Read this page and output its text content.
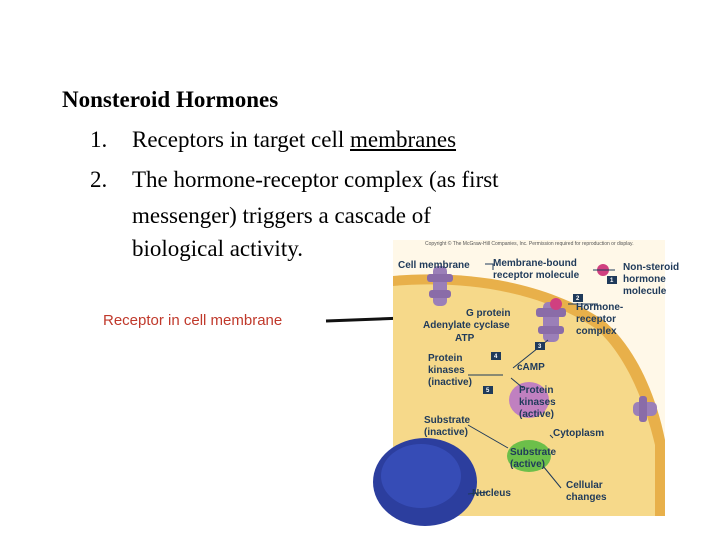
Nonsteroid Hormones
1. Receptors in target cell membranes
2. The hormone-receptor complex (as first
messenger) triggers a cascade of
biological activity.
Receptor in cell membrane
Copyright © The McGraw-Hill Companies, Inc. Permission required for reproduction or display.
1
2
3
4
5
Cell membrane Membrane-bound
receptor molecule
Non-steroid
hormone
molecule
G protein
Adenylate cyclase
ATP
Hormone-
receptor
complex
Protein
kinases
(inactive)
cAMP
Protein
kinases
(active)
Substrate
(inactive)	Cytoplasm
Substrate
(active)
Nucleus
Cellular
changes
